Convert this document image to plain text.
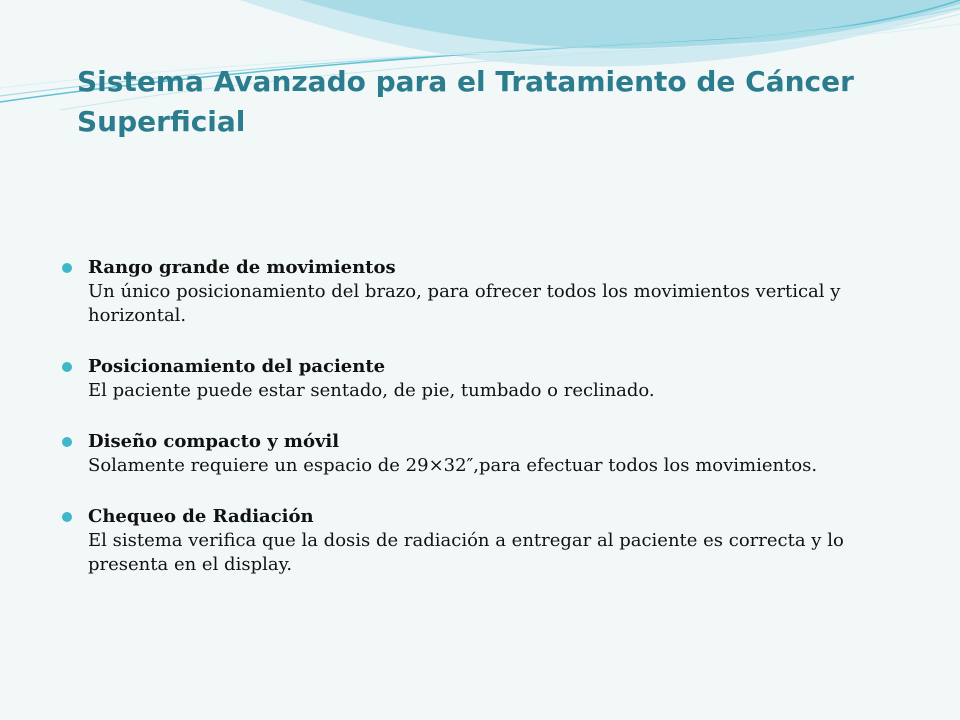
Sistema Avanzado para el Tratamiento de Cáncer Superficial
Rango grande de movimientos
Un único posicionamiento del brazo, para ofrecer todos los movimientos vertical y horizontal.
Posicionamiento del paciente
El paciente puede estar sentado, de pie, tumbado o reclinado.
Diseño compacto y móvil
Solamente requiere un espacio de 29×32″,para efectuar todos los movimientos.
Chequeo de Radiación
El sistema verifica que la dosis de radiación a entregar al paciente es correcta y lo presenta en el display.
